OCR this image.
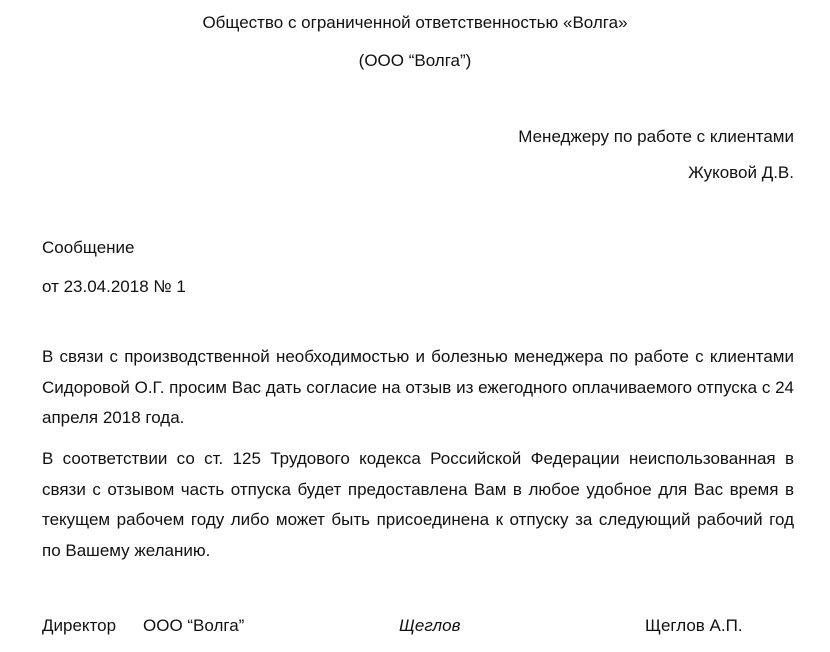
Общество с ограниченной ответственностью «Волга»
(ООО “Волга”)
Менеджеру по работе с клиентами
Жуковой Д.В.
Сообщение
от 23.04.2018 № 1

В связи с производственной необходимостью и болезнью менеджера по работе с клиентами Сидоровой О.Г. просим Вас дать согласие на отзыв из ежегодного оплачиваемого отпуска с 24 апреля 2018 года.

В соответствии со ст. 125 Трудового кодекса Российской Федерации неиспользованная в связи с отзывом часть отпуска будет предоставлена Вам в любое удобное для Вас время в текущем рабочем году либо может быть присоединена к отпуску за следующий рабочий год по Вашему желанию.

Директор ООО “Волга”	Щеглов	Щеглов А.П.
